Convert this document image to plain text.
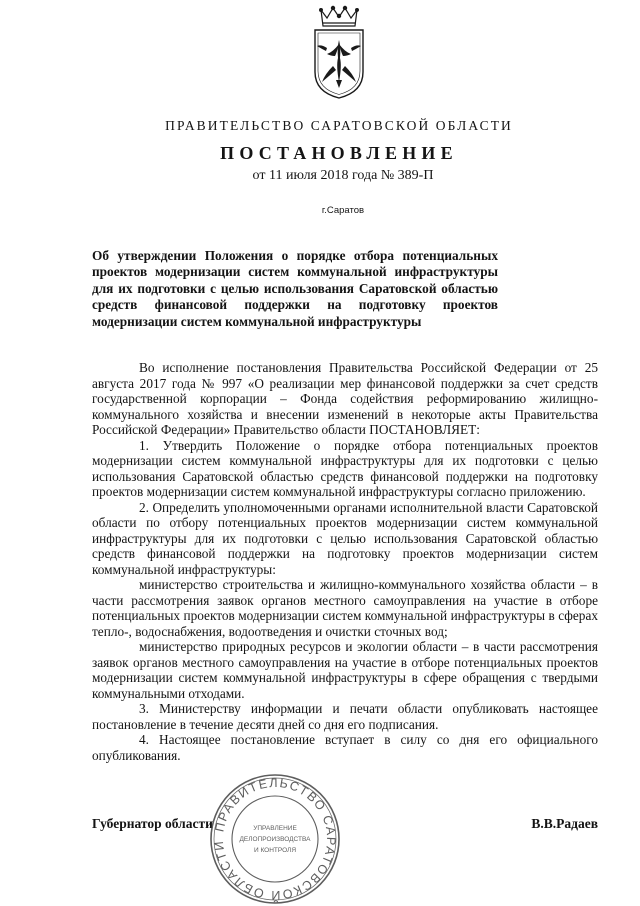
ПРАВИТЕЛЬСТВО САРАТОВСКОЙ ОБЛАСТИ
ПОСТАНОВЛЕНИЕ
от 11 июля 2018 года № 389-П
г.Саратов
Об утверждении Положения о порядке отбора потенциальных проектов модернизации систем коммунальной инфраструктуры для их подготовки с целью использования Саратовской областью средств финансовой поддержки на подготовку проектов модернизации систем коммунальной инфраструктуры

Во исполнение постановления Правительства Российской Федерации от 25 августа 2017 года № 997 «О реализации мер финансовой поддержки за счет средств государственной корпорации – Фонда содействия реформированию жилищно-коммунального хозяйства и внесении изменений в некоторые акты Правительства Российской Федерации» Правительство области ПОСТАНОВЛЯЕТ:

1. Утвердить Положение о порядке отбора потенциальных проектов модернизации систем коммунальной инфраструктуры для их подготовки с целью использования Саратовской областью средств финансовой поддержки на подготовку проектов модернизации систем коммунальной инфраструктуры согласно приложению.

2. Определить уполномоченными органами исполнительной власти Саратовской области по отбору потенциальных проектов модернизации систем коммунальной инфраструктуры для их подготовки с целью использования Саратовской областью средств финансовой поддержки на подготовку проектов модернизации систем коммунальной инфраструктуры:

министерство строительства и жилищно-коммунального хозяйства области – в части рассмотрения заявок органов местного самоуправления на участие в отборе потенциальных проектов модернизации систем коммунальной инфраструктуры в сферах тепло-, водоснабжения, водоотведения и очистки сточных вод;

министерство природных ресурсов и экологии области – в части рассмотрения заявок органов местного самоуправления на участие в отборе потенциальных проектов модернизации систем коммунальной инфраструктуры в сфере обращения с твердыми коммунальными отходами.

3. Министерству информации и печати области опубликовать настоящее постановление в течение десяти дней со дня его подписания.

4. Настоящее постановление вступает в силу со дня его официального опубликования.

Губернатор области	В.В.Радаев
ПРАВИТЕЛЬСТВО САРАТОВСКОЙ ОБЛАСТИ
УПРАВЛЕНИЕ
ДЕЛОПРОИЗВОДСТВА
И КОНТРОЛЯ
